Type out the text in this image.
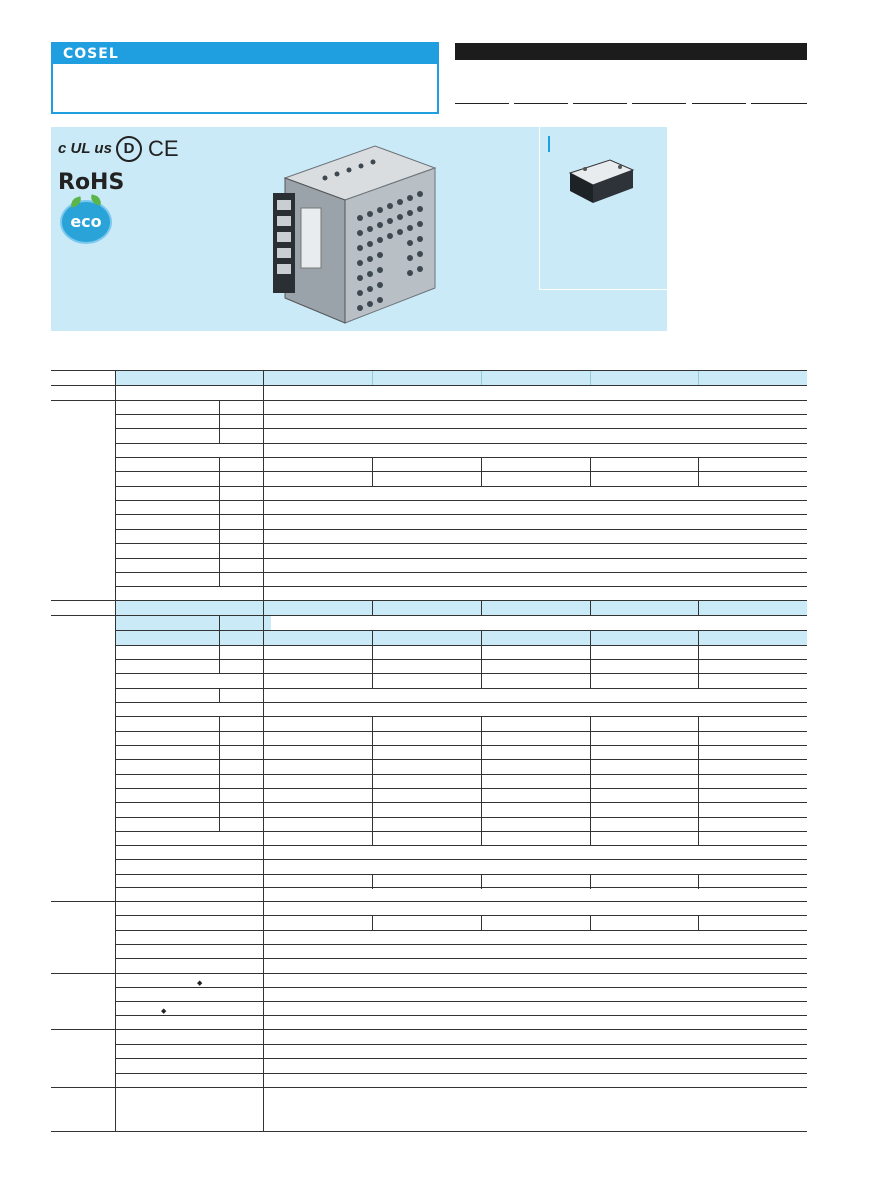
COSEL
c UL us D CE
RoHS
eco
◆
◆
